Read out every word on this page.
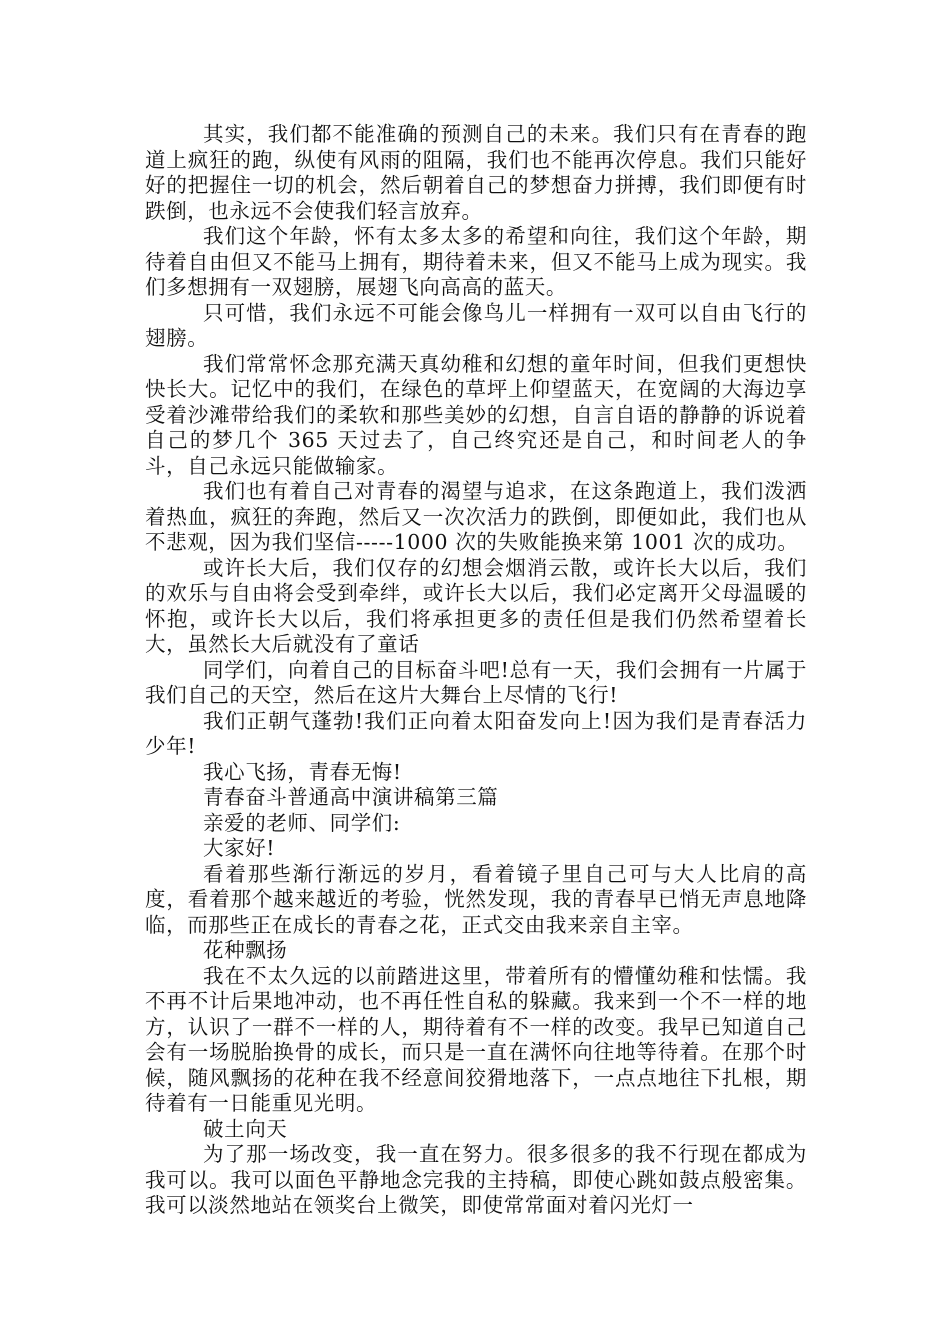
其实，我们都不能准确的预测自己的未来。我们只有在青春的跑道上疯狂的跑，纵使有风雨的阻隔，我们也不能再次停息。我们只能好好的把握住一切的机会，然后朝着自己的梦想奋力拼搏，我们即便有时跌倒，也永远不会使我们轻言放弃。

我们这个年龄，怀有太多太多的希望和向往，我们这个年龄，期待着自由但又不能马上拥有，期待着未来，但又不能马上成为现实。我们多想拥有一双翅膀，展翅飞向高高的蓝天。

只可惜，我们永远不可能会像鸟儿一样拥有一双可以自由飞行的翅膀。

我们常常怀念那充满天真幼稚和幻想的童年时间，但我们更想快快长大。记忆中的我们，在绿色的草坪上仰望蓝天，在宽阔的大海边享受着沙滩带给我们的柔软和那些美妙的幻想，自言自语的静静的诉说着自己的梦几个 365 天过去了，自己终究还是自己，和时间老人的争斗，自己永远只能做输家。

我们也有着自己对青春的渴望与追求，在这条跑道上，我们泼洒着热血，疯狂的奔跑，然后又一次次活力的跌倒，即便如此，我们也从不悲观，因为我们坚信-----1000 次的失败能换来第 1001 次的成功。

或许长大后，我们仅存的幻想会烟消云散，或许长大以后，我们的欢乐与自由将会受到牵绊，或许长大以后，我们必定离开父母温暖的怀抱，或许长大以后，我们将承担更多的责任但是我们仍然希望着长大，虽然长大后就没有了童话

同学们，向着自己的目标奋斗吧!总有一天，我们会拥有一片属于我们自己的天空，然后在这片大舞台上尽情的飞行!

我们正朝气蓬勃!我们正向着太阳奋发向上!因为我们是青春活力少年!

我心飞扬，青春无悔!

青春奋斗普通高中演讲稿第三篇

亲爱的老师、同学们:

大家好!

看着那些渐行渐远的岁月，看着镜子里自己可与大人比肩的高度，看着那个越来越近的考验，恍然发现，我的青春早已悄无声息地降临，而那些正在成长的青春之花，正式交由我来亲自主宰。

花种飘扬

我在不太久远的以前踏进这里，带着所有的懵懂幼稚和怯懦。我不再不计后果地冲动，也不再任性自私的躲藏。我来到一个不一样的地方，认识了一群不一样的人，期待着有不一样的改变。我早已知道自己会有一场脱胎换骨的成长，而只是一直在满怀向往地等待着。在那个时候，随风飘扬的花种在我不经意间狡猾地落下，一点点地往下扎根，期待着有一日能重见光明。

破土向天

为了那一场改变，我一直在努力。很多很多的我不行现在都成为我可以。我可以面色平静地念完我的主持稿，即使心跳如鼓点般密集。我可以淡然地站在领奖台上微笑，即使常常面对着闪光灯一
